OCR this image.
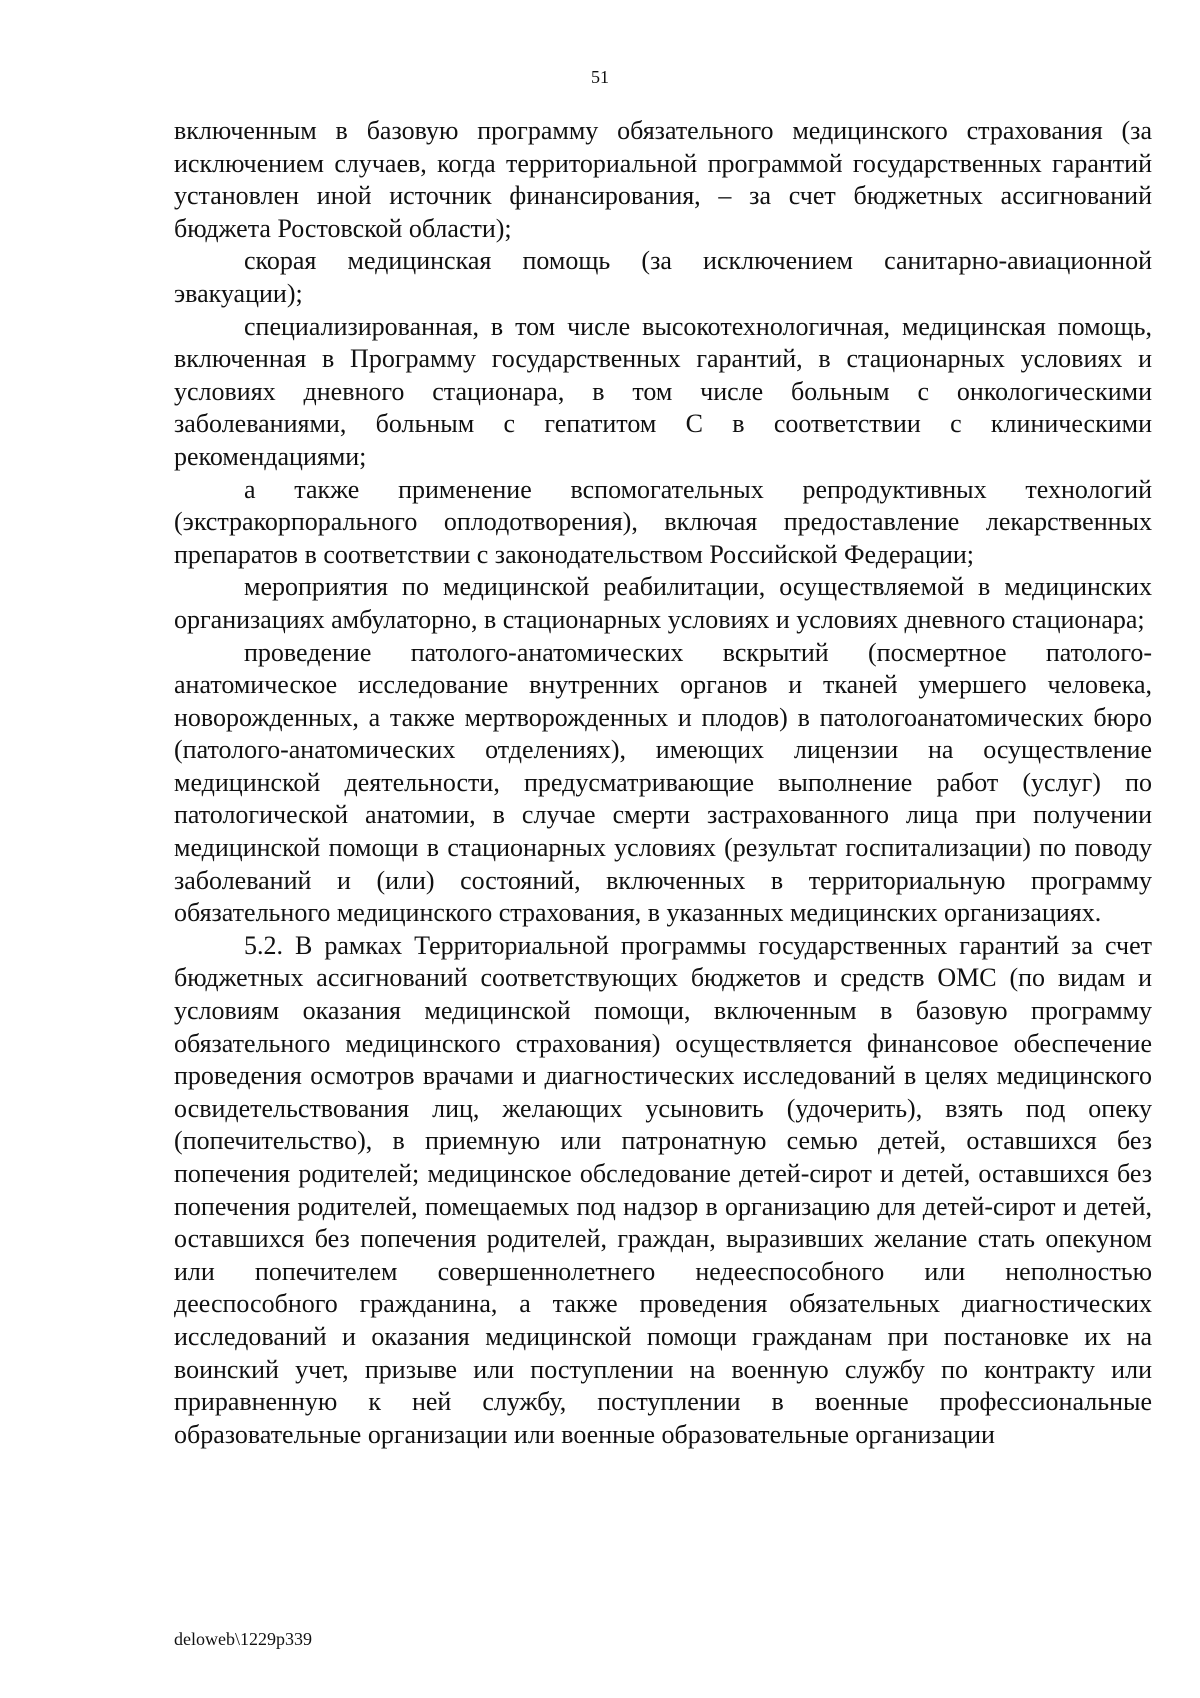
51

включенным в базовую программу обязательного медицинского страхования (за исключением случаев, когда территориальной программой государственных гарантий установлен иной источник финансирования, – за счет бюджетных ассигнований бюджета Ростовской области);

скорая медицинская помощь (за исключением санитарно-авиационной эвакуации);

специализированная, в том числе высокотехнологичная, медицинская помощь, включенная в Программу государственных гарантий, в стационарных условиях и условиях дневного стационара, в том числе больным с онкологическими заболеваниями, больным с гепатитом С в соответствии с клиническими рекомендациями;

а также применение вспомогательных репродуктивных технологий (экстракорпорального оплодотворения), включая предоставление лекарственных препаратов в соответствии с законодательством Российской Федерации;

мероприятия по медицинской реабилитации, осуществляемой в медицинских организациях амбулаторно, в стационарных условиях и условиях дневного стационара;

проведение патолого-анатомических вскрытий (посмертное патолого-анатомическое исследование внутренних органов и тканей умершего человека, новорожденных, а также мертворожденных и плодов) в патологоанатомических бюро (патолого-анатомических отделениях), имеющих лицензии на осуществление медицинской деятельности, предусматривающие выполнение работ (услуг) по патологической анатомии, в случае смерти застрахованного лица при получении медицинской помощи в стационарных условиях (результат госпитализации) по поводу заболеваний и (или) состояний, включенных в территориальную программу обязательного медицинского страхования, в указанных медицинских организациях.

5.2. В рамках Территориальной программы государственных гарантий за счет бюджетных ассигнований соответствующих бюджетов и средств ОМС (по видам и условиям оказания медицинской помощи, включенным в базовую программу обязательного медицинского страхования) осуществляется финансовое обеспечение проведения осмотров врачами и диагностических исследований в целях медицинского освидетельствования лиц, желающих усыновить (удочерить), взять под опеку (попечительство), в приемную или патронатную семью детей, оставшихся без попечения родителей; медицинское обследование детей-сирот и детей, оставшихся без попечения родителей, помещаемых под надзор в организацию для детей-сирот и детей, оставшихся без попечения родителей, граждан, выразивших желание стать опекуном или попечителем совершеннолетнего недееспособного или неполностью дееспособного гражданина, а также проведения обязательных диагностических исследований и оказания медицинской помощи гражданам при постановке их на воинский учет, призыве или поступлении на военную службу по контракту или приравненную к ней службу, поступлении в военные профессиональные образовательные организации или военные образовательные организации

deloweb\1229p339
